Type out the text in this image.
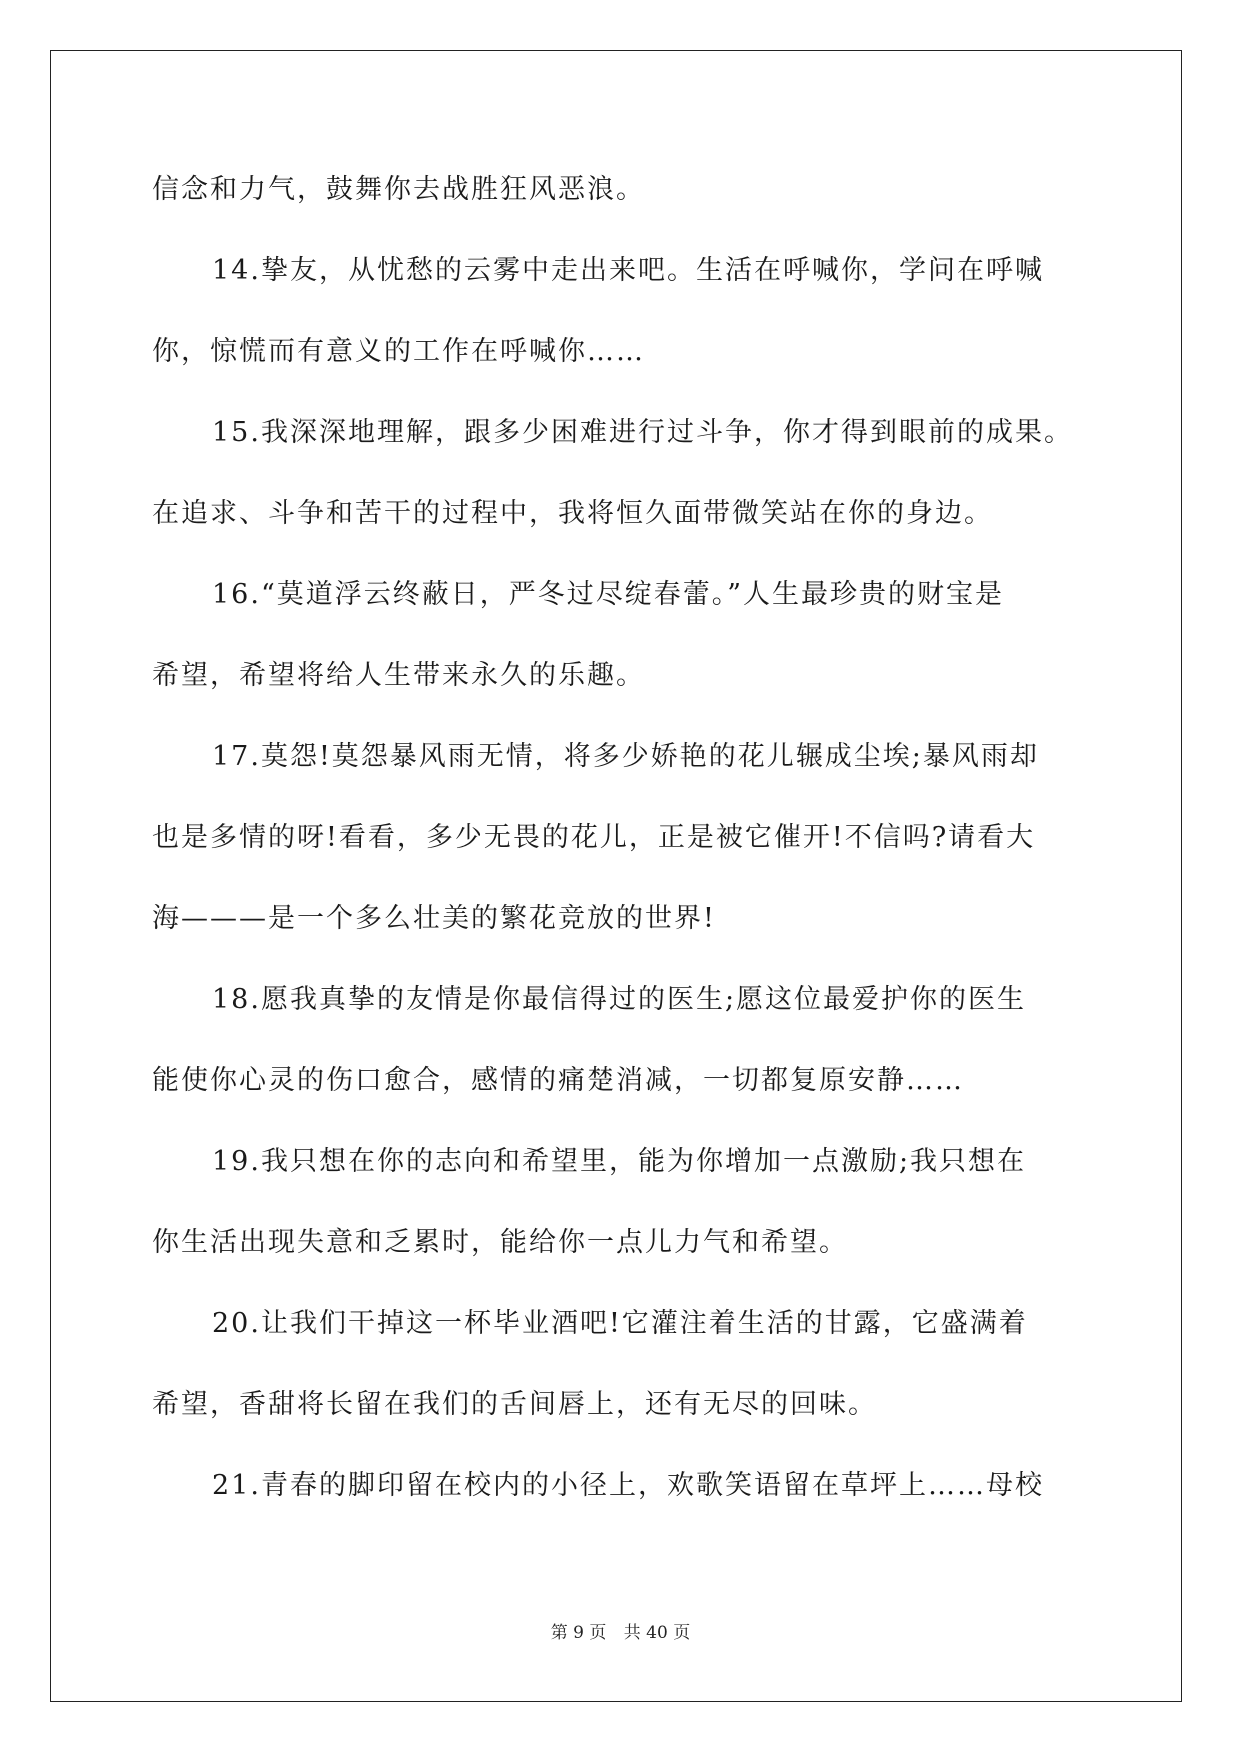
信念和力气，鼓舞你去战胜狂风恶浪。
14.挚友，从忧愁的云雾中走出来吧。生活在呼喊你，学问在呼喊
你，惊慌而有意义的工作在呼喊你……
15.我深深地理解，跟多少困难进行过斗争，你才得到眼前的成果。
在追求、斗争和苦干的过程中，我将恒久面带微笑站在你的身边。
16.“莫道浮云终蔽日，严冬过尽绽春蕾。”人生最珍贵的财宝是
希望，希望将给人生带来永久的乐趣。
17.莫怨!莫怨暴风雨无情，将多少娇艳的花儿辗成尘埃;暴风雨却
也是多情的呀!看看，多少无畏的花儿，正是被它催开!不信吗?请看大
海———是一个多么壮美的繁花竞放的世界!
18.愿我真挚的友情是你最信得过的医生;愿这位最爱护你的医生
能使你心灵的伤口愈合，感情的痛楚消减，一切都复原安静……
19.我只想在你的志向和希望里，能为你增加一点激励;我只想在
你生活出现失意和乏累时，能给你一点儿力气和希望。
20.让我们干掉这一杯毕业酒吧!它灌注着生活的甘露，它盛满着
希望，香甜将长留在我们的舌间唇上，还有无尽的回味。
21.青春的脚印留在校内的小径上，欢歌笑语留在草坪上……母校
第 9 页 共 40 页
